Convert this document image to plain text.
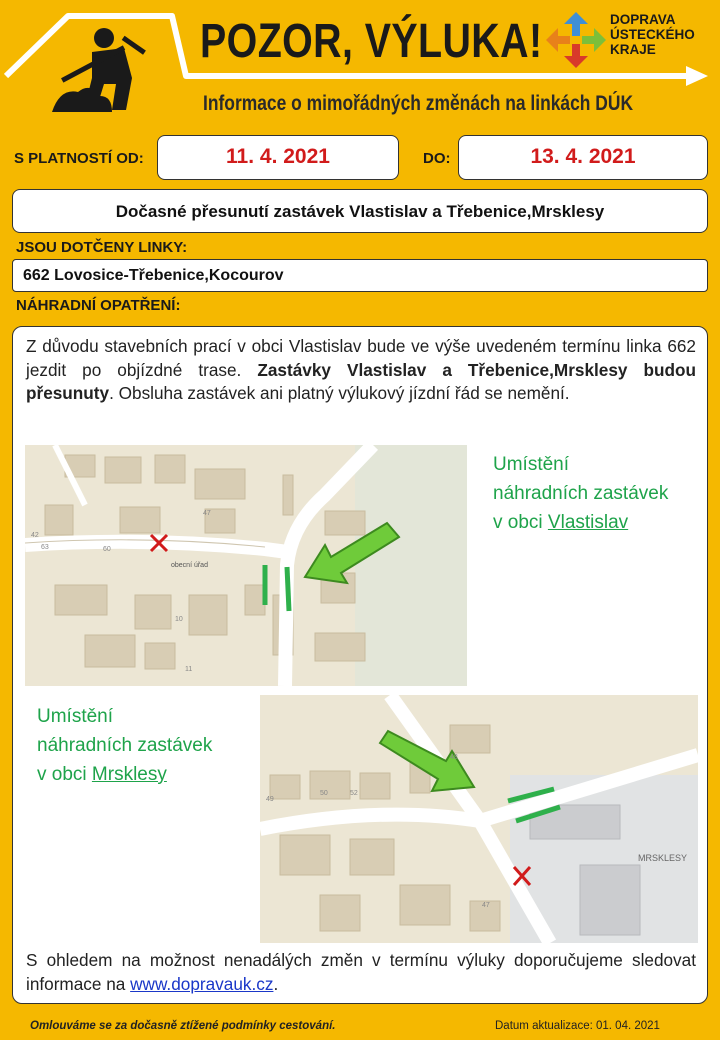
POZOR, VÝLUKA!
Informace o mimořádných změnách na linkách DÚK
DOPRAVA
ÚSTECKÉHO
KRAJE
S PLATNOSTÍ OD:	11. 4. 2021	DO:	13. 4. 2021
Dočasné přesunutí zastávek Vlastislav a Třebenice,Mrsklesy
JSOU DOTČENY LINKY:
662 Lovosice-Třebenice,Kocourov
NÁHRADNÍ OPATŘENÍ:
Z důvodu stavebních prací v obci Vlastislav bude ve výše uvedeném termínu linka 662 jezdit po objízdné trase. Zastávky Vlastislav a Třebenice,Mrsklesy budou přesunuty. Obsluha zastávek ani platný výlukový jízdní řád se nemění.
63	60
47
42
10
11
obecní úřad
Umístění
náhradních zastávek
v obci Vlastislav
Umístění
náhradních zastávek
v obci Mrsklesy
48
52
50
49
47
MRSKLESY
S ohledem na možnost nenadálých změn v termínu výluky doporučujeme sledovat informace na www.dopravauk.cz.
Omlouváme se za dočasně ztížené podmínky cestování.	Datum aktualizace: 01. 04. 2021
